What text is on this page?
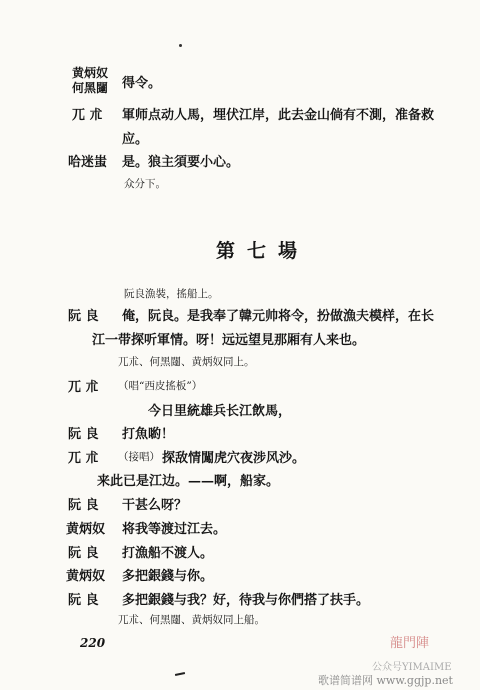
黄炳奴
何黑闥 得令。
兀 朮 軍师点动人馬，埋伏江岸，此去金山倘有不測，准备救
应。
哈迷蚩 是。狼主須要小心。
众分下。
第七場
阮良漁裝，搖船上。
阮 良 俺，阮良。是我奉了韓元帅将令，扮做漁夫模样，在长
江一带探听軍情。呀！远远望見那厢有人来也。
兀朮、何黑闥、黄炳奴同上。
兀 朮 （唱“西皮搖板”）
今日里統雄兵长江飲馬，
阮 良 打魚喲！
兀 朮 （接唱） 探敌情闖虎穴夜涉风沙。
来此已是江边。——啊，船家。
阮 良 干甚么呀？
黄炳奴 将我等渡过江去。
阮 良 打漁船不渡人。
黄炳奴 多把銀錢与你。
阮 良 多把銀錢与我？好，待我与你們搭了扶手。
兀朮、何黑闥、黄炳奴同上船。
220	龍門陣
公众号YIMAIME
歌谱简谱网 www.ggjp.net
